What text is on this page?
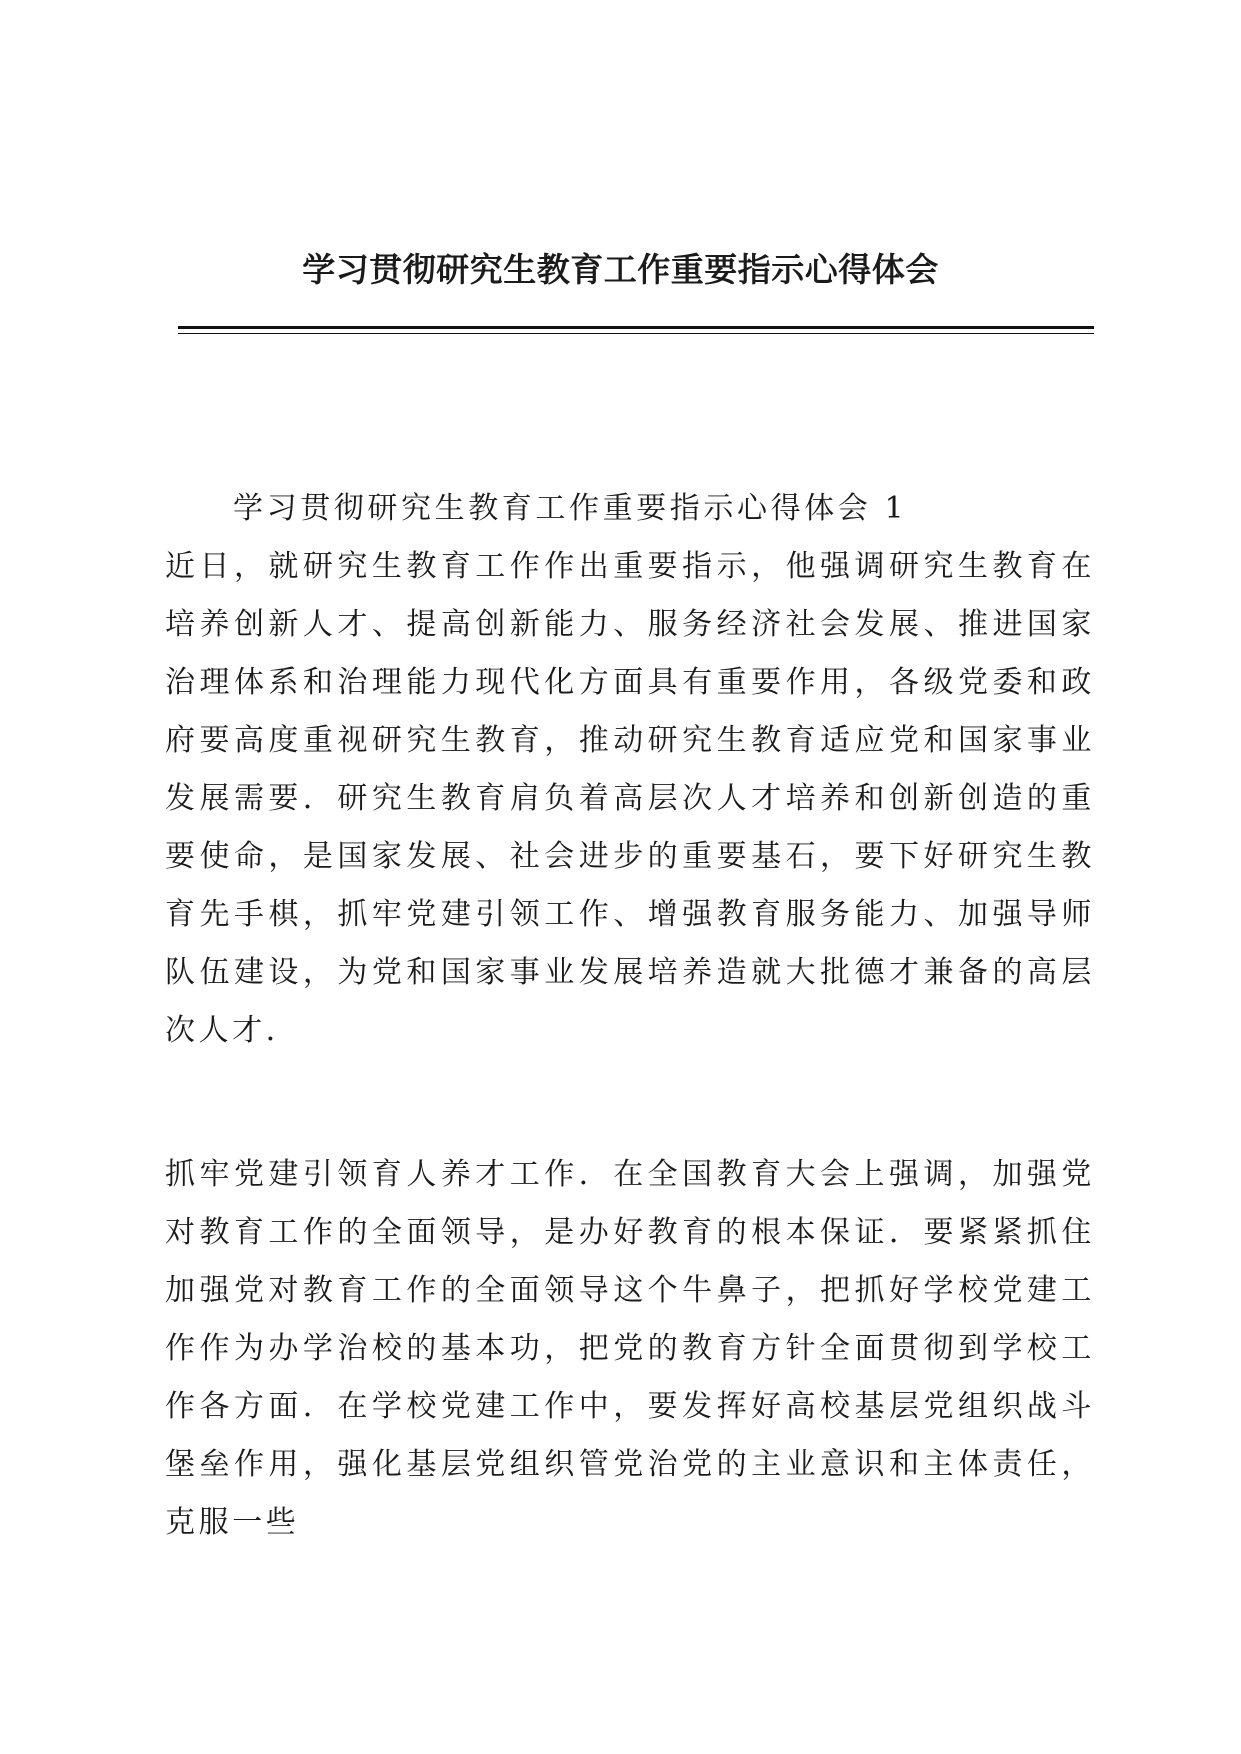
学习贯彻研究生教育工作重要指示心得体会

学习贯彻研究生教育工作重要指示心得体会 1

近日，就研究生教育工作作出重要指示，他强调研究生教育在培养创新人才、提高创新能力、服务经济社会发展、推进国家治理体系和治理能力现代化方面具有重要作用，各级党委和政府要高度重视研究生教育，推动研究生教育适应党和国家事业发展需要．研究生教育肩负着高层次人才培养和创新创造的重要使命，是国家发展、社会进步的重要基石，要下好研究生教育先手棋，抓牢党建引领工作、增强教育服务能力、加强导师队伍建设，为党和国家事业发展培养造就大批德才兼备的高层次人才．

抓牢党建引领育人养才工作．在全国教育大会上强调，加强党对教育工作的全面领导，是办好教育的根本保证．要紧紧抓住加强党对教育工作的全面领导这个牛鼻子，把抓好学校党建工作作为办学治校的基本功，把党的教育方针全面贯彻到学校工作各方面．在学校党建工作中，要发挥好高校基层党组织战斗堡垒作用，强化基层党组织管党治党的主业意识和主体责任，克服一些
